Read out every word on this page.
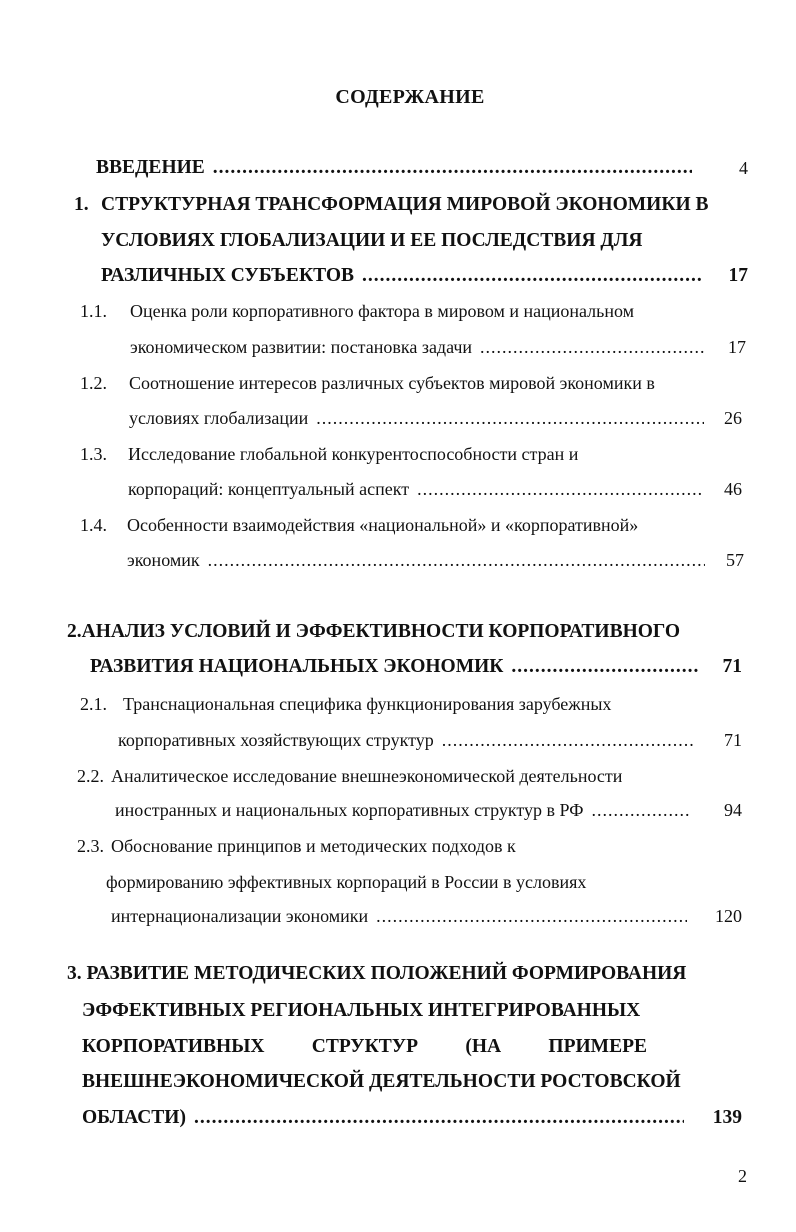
СОДЕРЖАНИЕ
ВВЕДЕНИЕ .....	4
1. СТРУКТУРНАЯ ТРАНСФОРМАЦИЯ МИРОВОЙ ЭКОНОМИКИ В
УСЛОВИЯХ ГЛОБАЛИЗАЦИИ И ЕЕ ПОСЛЕДСТВИЯ ДЛЯ
РАЗЛИЧНЫХ СУБЪЕКТОВ .....	17
1.1. Оценка роли корпоративного фактора в мировом и национальном
экономическом развитии: постановка задачи .....	17
1.2. Соотношение интересов различных субъектов мировой экономики в
условиях глобализации .....	26
1.3. Исследование глобальной конкурентоспособности стран и
корпораций: концептуальный аспект .....	46
1.4. Особенности взаимодействия «национальной» и «корпоративной»
экономик .....	57
2.АНАЛИЗ УСЛОВИЙ И ЭФФЕКТИВНОСТИ КОРПОРАТИВНОГО
РАЗВИТИЯ НАЦИОНАЛЬНЫХ ЭКОНОМИК .....	71
2.1. Транснациональная специфика функционирования зарубежных
корпоративных хозяйствующих структур .....	71
2.2. Аналитическое исследование внешнеэкономической деятельности
иностранных и национальных корпоративных структур в РФ .....	94
2.3. Обоснование принципов и методических подходов к
формированию эффективных корпораций в России в условиях
интернационализации экономики .....	120
3. РАЗВИТИЕ МЕТОДИЧЕСКИХ ПОЛОЖЕНИЙ ФОРМИРОВАНИЯ
ЭФФЕКТИВНЫХ РЕГИОНАЛЬНЫХ ИНТЕГРИРОВАННЫХ
КОРПОРАТИВНЫХ СТРУКТУР (НА ПРИМЕРЕ
ВНЕШНЕЭКОНОМИЧЕСКОЙ ДЕЯТЕЛЬНОСТИ РОСТОВСКОЙ
ОБЛАСТИ) .....	139
2
